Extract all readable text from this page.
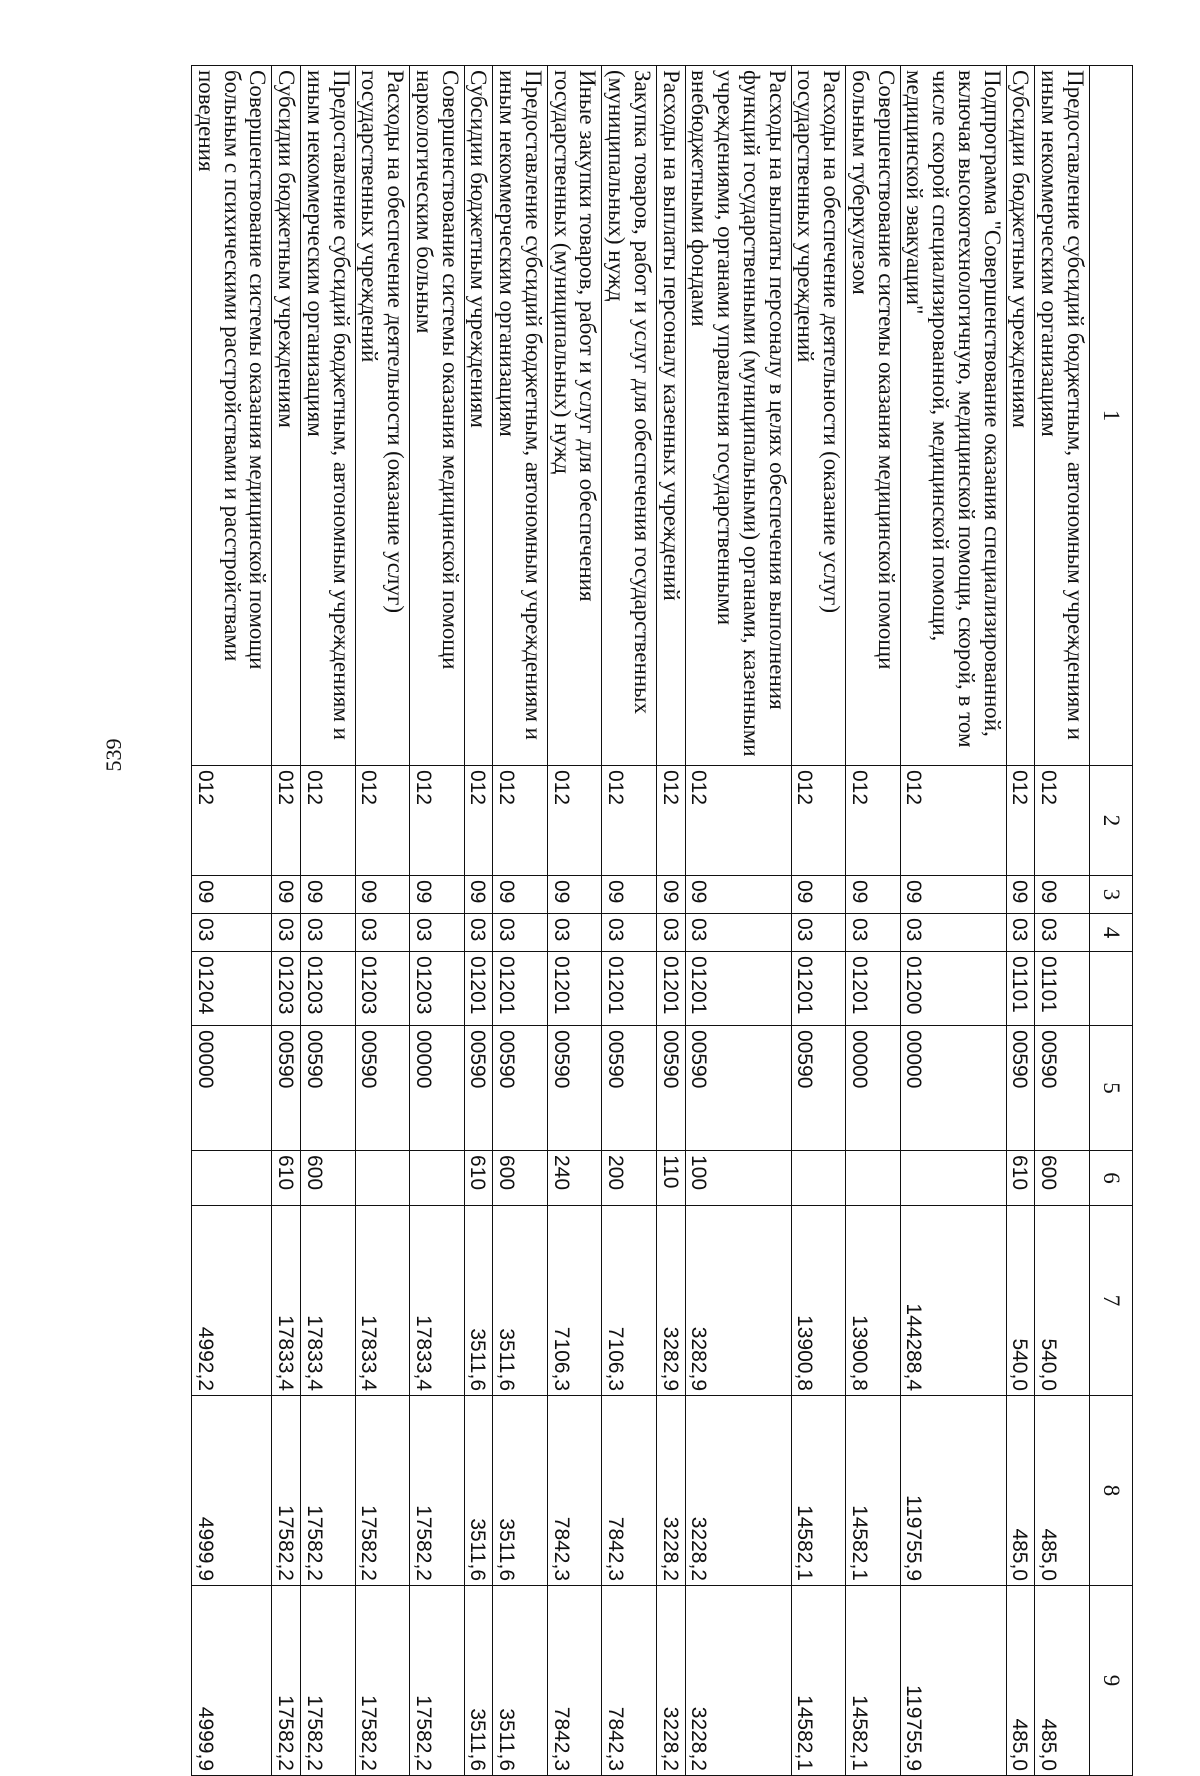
539
1	2	3	4		5	6	7	8	9
Предоставление субсидий бюджетным, автономным учреждениям и иным некоммерческим организациям	012	09	03	01101	00590	600	540,0	485,0	485,0
Субсидии бюджетным учреждениям	012	09	03	01101	00590	610	540,0	485,0	485,0
Подпрограмма "Совершенствование оказания специализированной, включая высокотехнологичную, медицинской помощи, скорой, в том числе скорой специализированной, медицинской помощи, медицинской эвакуации"	012	09	03	01200	00000		144288,4	119755,9	119755,9
Совершенствование системы оказания медицинской помощи больным туберкулезом	012	09	03	01201	00000		13900,8	14582,1	14582,1
Расходы на обеспечение деятельности (оказание услуг) государственных учреждений	012	09	03	01201	00590		13900,8	14582,1	14582,1
Расходы на выплаты персоналу в целях обеспечения выполнения функций государственными (муниципальными) органами, казенными учреждениями, органами управления государственными внебюджетными фондами	012	09	03	01201	00590	100	3282,9	3228,2	3228,2
Расходы на выплаты персоналу казенных учреждений	012	09	03	01201	00590	110	3282,9	3228,2	3228,2
Закупка товаров, работ и услуг для обеспечения государственных (муниципальных) нужд	012	09	03	01201	00590	200	7106,3	7842,3	7842,3
Иные закупки товаров, работ и услуг для обеспечения государственных (муниципальных) нужд	012	09	03	01201	00590	240	7106,3	7842,3	7842,3
Предоставление субсидий бюджетным, автономным учреждениям и иным некоммерческим организациям	012	09	03	01201	00590	600	3511,6	3511,6	3511,6
Субсидии бюджетным учреждениям	012	09	03	01201	00590	610	3511,6	3511,6	3511,6
Совершенствование системы оказания медицинской помощи наркологическим больным	012	09	03	01203	00000		17833,4	17582,2	17582,2
Расходы на обеспечение деятельности (оказание услуг) государственных учреждений	012	09	03	01203	00590		17833,4	17582,2	17582,2
Предоставление субсидий бюджетным, автономным учреждениям и иным некоммерческим организациям	012	09	03	01203	00590	600	17833,4	17582,2	17582,2
Субсидии бюджетным учреждениям	012	09	03	01203	00590	610	17833,4	17582,2	17582,2
Совершенствование системы оказания медицинской помощи больным с психическими расстройствами и расстройствами поведения	012	09	03	01204	00000		4992,2	4999,9	4999,9
